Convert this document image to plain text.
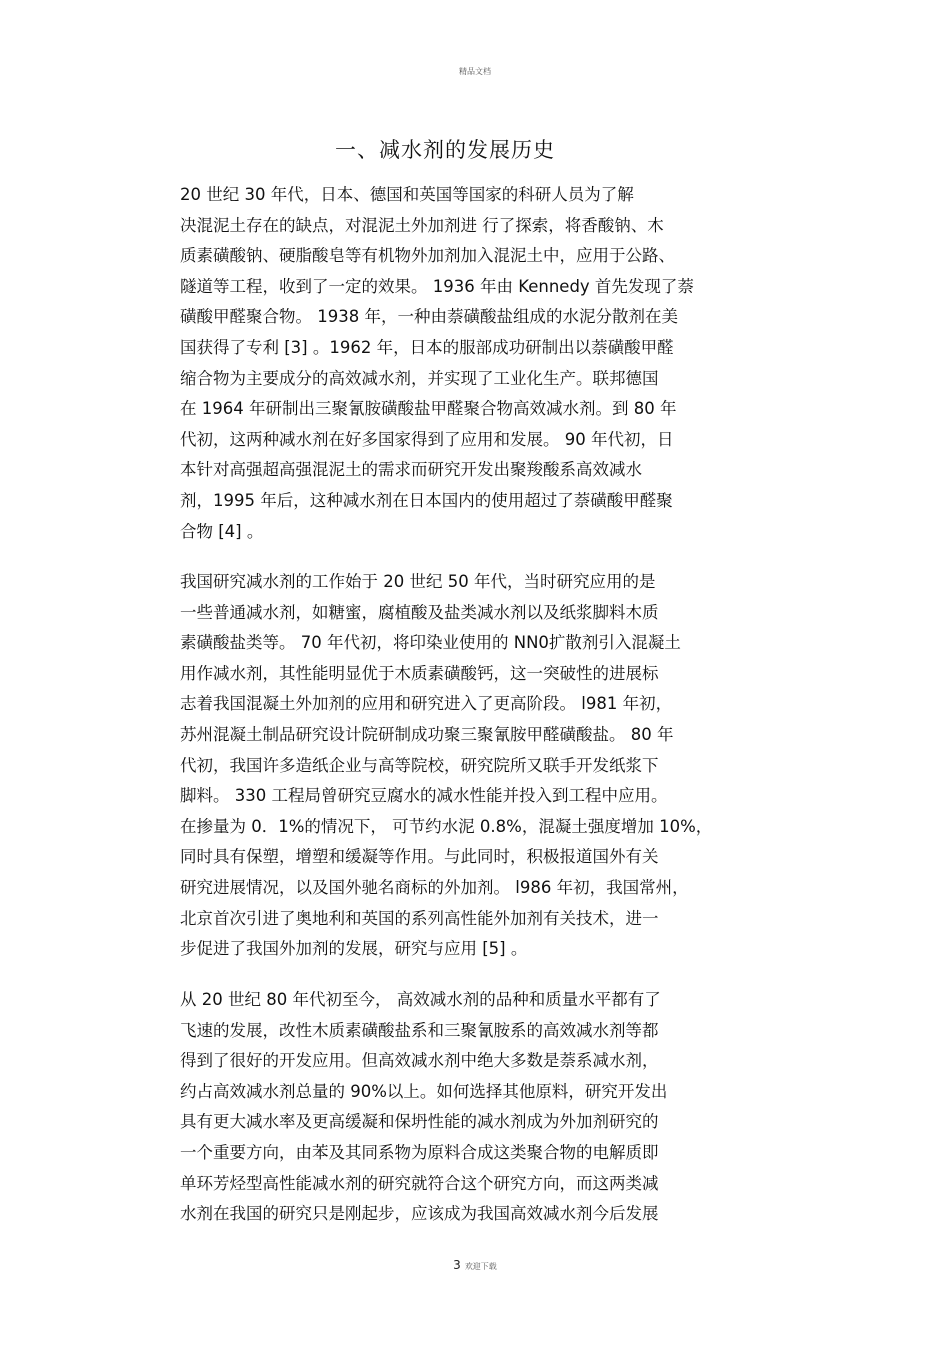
精品文档
一、减水剂的发展历史
20 世纪 30 年代，日本、德国和英国等国家的科研人员为了解
决混泥土存在的缺点，对混泥土外加剂进 行了探索，将香酸钠、木
质素磺酸钠、硬脂酸皂等有机物外加剂加入混泥土中，应用于公路、
隧道等工程，收到了一定的效果。 1936 年由 Kennedy 首先发现了萘
磺酸甲醛聚合物。 1938 年，一种由萘磺酸盐组成的水泥分散剂在美
国获得了专利 [3] 。1962 年，日本的服部成功研制出以萘磺酸甲醛
缩合物为主要成分的高效减水剂，并实现了工业化生产。联邦德国
在 1964 年研制出三聚氰胺磺酸盐甲醛聚合物高效减水剂。到 80 年
代初，这两种减水剂在好多国家得到了应用和发展。 90 年代初，日
本针对高强超高强混泥土的需求而研究开发出聚羧酸系高效减水
剂，1995 年后，这种减水剂在日本国内的使用超过了萘磺酸甲醛聚
合物 [4] 。
我国研究减水剂的工作始于 20 世纪 50 年代，当时研究应用的是
一些普通减水剂，如糖蜜，腐植酸及盐类减水剂以及纸浆脚料木质
素磺酸盐类等。 70 年代初，将印染业使用的 NN0扩散剂引入混凝土
用作减水剂，其性能明显优于木质素磺酸钙，这一突破性的进展标
志着我国混凝土外加剂的应用和研究进入了更高阶段。 l981 年初，
苏州混凝土制品研究设计院研制成功聚三聚氰胺甲醛磺酸盐。 80 年
代初，我国许多造纸企业与高等院校，研究院所又联手开发纸浆下
脚料。 330 工程局曾研究豆腐水的减水性能并投入到工程中应用。
在掺量为 0．1%的情况下， 可节约水泥 0.8%，混凝土强度增加 10%，
同时具有保塑，增塑和缓凝等作用。与此同时，积极报道国外有关
研究进展情况，以及国外驰名商标的外加剂。 l986 年初，我国常州，
北京首次引进了奥地利和英国的系列高性能外加剂有关技术，进一
步促进了我国外加剂的发展，研究与应用 [5] 。
从 20 世纪 80 年代初至今， 高效减水剂的品种和质量水平都有了
飞速的发展，改性木质素磺酸盐系和三聚氰胺系的高效减水剂等都
得到了很好的开发应用。但高效减水剂中绝大多数是萘系减水剂，
约占高效减水剂总量的 90%以上。如何选择其他原料，研究开发出
具有更大减水率及更高缓凝和保坍性能的减水剂成为外加剂研究的
一个重要方向，由苯及其同系物为原料合成这类聚合物的电解质即
单环芳烃型高性能减水剂的研究就符合这个研究方向，而这两类减
水剂在我国的研究只是刚起步，应该成为我国高效减水剂今后发展
3 欢迎下载
